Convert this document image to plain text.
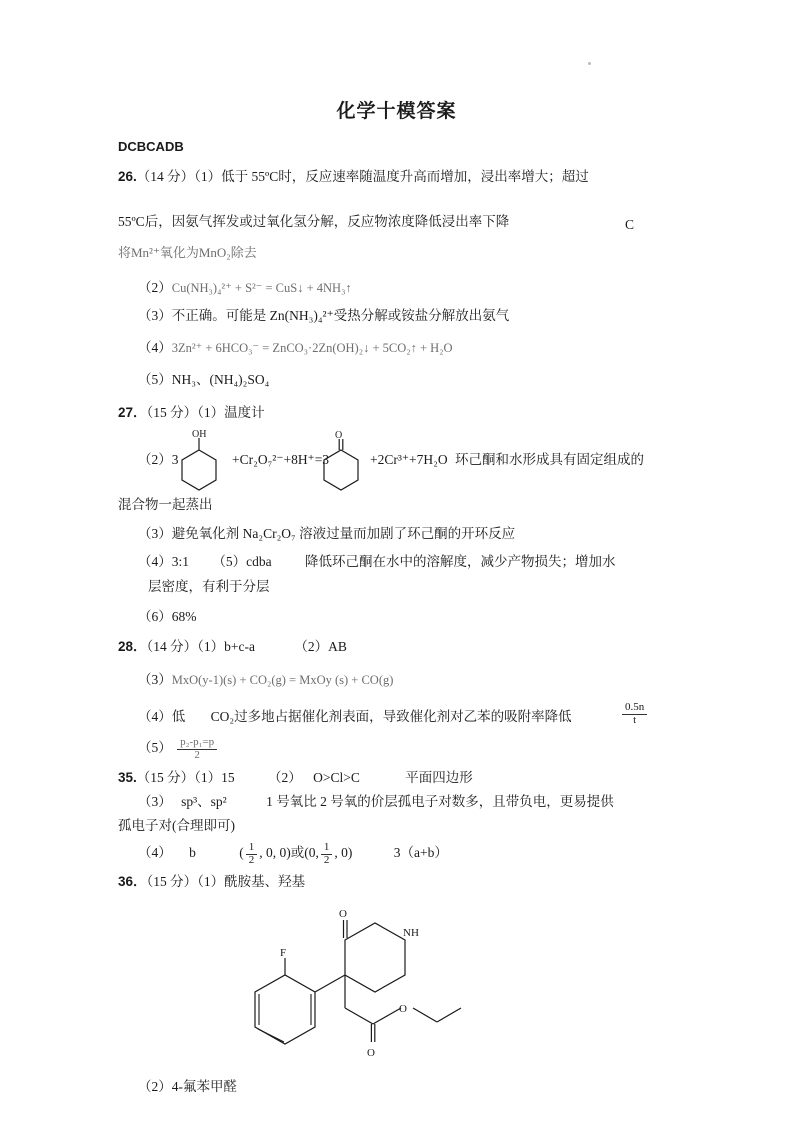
化学十模答案
DCBCADB
26.（14 分）（1）低于 55ºC时，反应速率随温度升高而增加，浸出率增大；超过
55ºC后，因氨气挥发或过氧化氢分解，反应物浓度降低浸出率下降	C
将Mn²⁺氧化为MnO₂除去
（2）Cu(NH₃)₄²⁺ + S²⁻ = CuS↓ + 4NH₃↑
（3）不正确。可能是 Zn(NH₃)₄²⁺受热分解或铵盐分解放出氨气
（4）3Zn²⁺ + 6HCO₃⁻ = ZnCO₃·2Zn(OH)₂↓ + 5CO₂↑ + H₂O
（5）NH₃、(NH₄)₂SO₄
27．（15 分）（1）温度计
（2）3
OH
+Cr₂O₇²⁻+8H⁺=3
O
+2Cr³⁺+7H₂O 环己酮和水形成具有固定组成的
混合物一起蒸出
（3）避免氧化剂 Na₂Cr₂O₇ 溶液过量而加剧了环己酮的开环反应
（4）3:1 （5）cdba 降低环己酮在水中的溶解度，减少产物损失；增加水
层密度，有利于分层
（6）68%
28．（14 分）（1）b+c-a	（2）AB
（3）MxO(y-1)(s) + CO₂(g) = MxOy (s) + CO(g)
（4）低 CO₂过多地占据催化剂表面，导致催化剂对乙苯的吸附率降低	$\frac{0.5n}{t}$
$(5) \frac{\text{p₂-p₁=p}}{2}$
35.（15 分）（1）15 （2） O>Cl>C	平面四边形
（3） sp³、sp²	1 号氧比 2 号氧的价层孤电子对数多，且带负电，更易提供
孤电子对(合理即可)
（4） b	( $\frac{1}{2}$ , 0, 0)或(0, $\frac{1}{2}$ , 0)	3（a+b）
36．（15 分）（1）酰胺基、羟基
O
NH
F
O
O
（2）4-氟苯甲醛
